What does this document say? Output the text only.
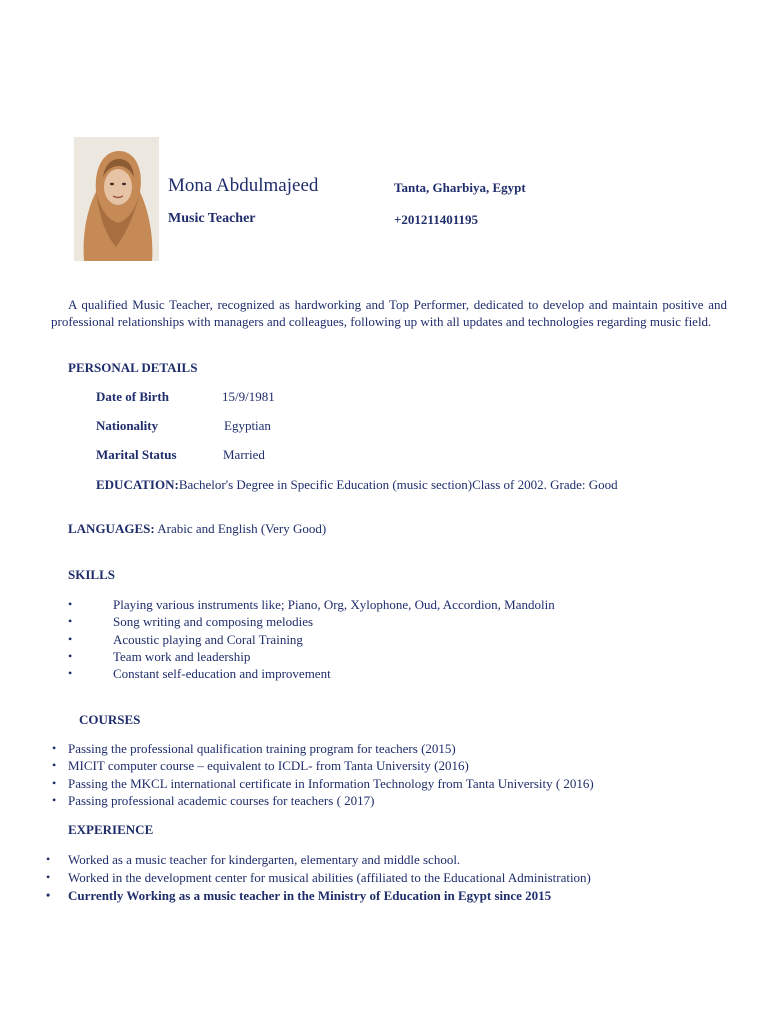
Mona Abdulmajeed	Tanta, Gharbiya, Egypt
Music Teacher	+201211401195

A qualified Music Teacher, recognized as hardworking and Top Performer, dedicated to develop and maintain positive and professional relationships with managers and colleagues, following up with all updates and technologies regarding music field.

PERSONAL DETAILS
Date of Birth	15/9/1981
Nationality	Egyptian
Marital Status	Married
EDUCATION:Bachelor's Degree in Specific Education (music section)Class of 2002. Grade: Good
LANGUAGES: Arabic and English (Very Good)
SKILLS
•	Playing various instruments like; Piano, Org, Xylophone, Oud, Accordion, Mandolin
•	Song writing and composing melodies
•	Acoustic playing and Coral Training
•	Team work and leadership
•	Constant self-education and improvement
COURSES
• Passing the professional qualification training program for teachers (2015)
• MICIT computer course – equivalent to ICDL- from Tanta University (2016)
• Passing the MKCL international certificate in Information Technology from Tanta University ( 2016)
• Passing professional academic courses for teachers ( 2017)
EXPERIENCE
• Worked as a music teacher for kindergarten, elementary and middle school.
• Worked in the development center for musical abilities (affiliated to the Educational Administration)
• Currently Working as a music teacher in the Ministry of Education in Egypt since 2015
